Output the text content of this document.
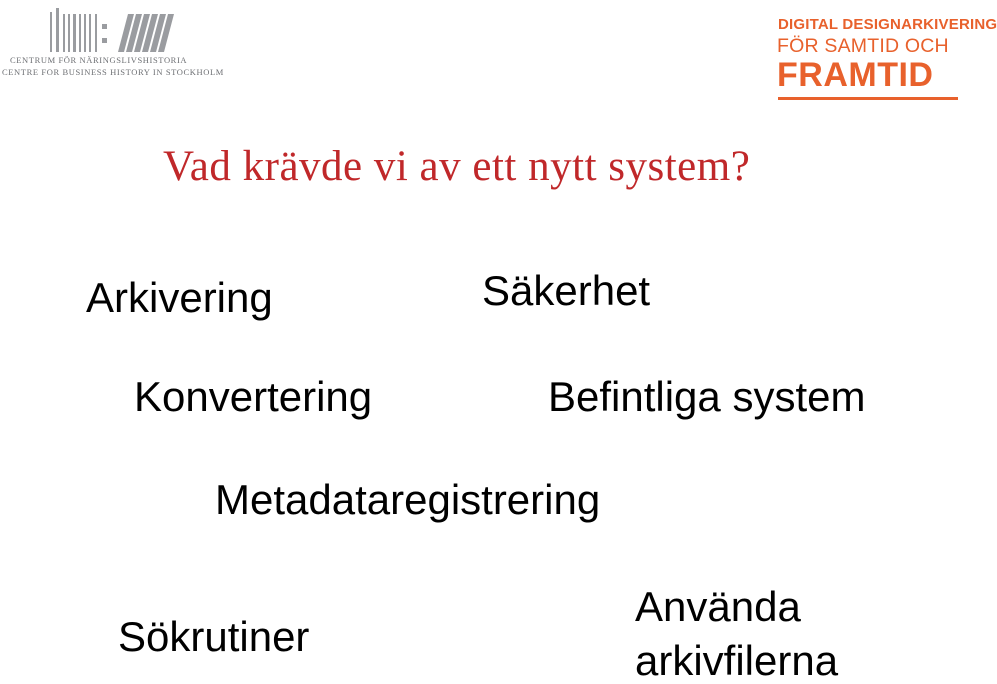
CENTRUM FÖR NÄRINGSLIVSHISTORIA
CENTRE FOR BUSINESS HISTORY IN STOCKHOLM
DIGITAL DESIGNARKIVERING
FÖR SAMTID OCH
FRAMTID
Vad krävde vi av ett nytt system?
Arkivering	Säkerhet
Konvertering	Befintliga system
Metadataregistrering
Sökrutiner
Använda
arkivfilerna
